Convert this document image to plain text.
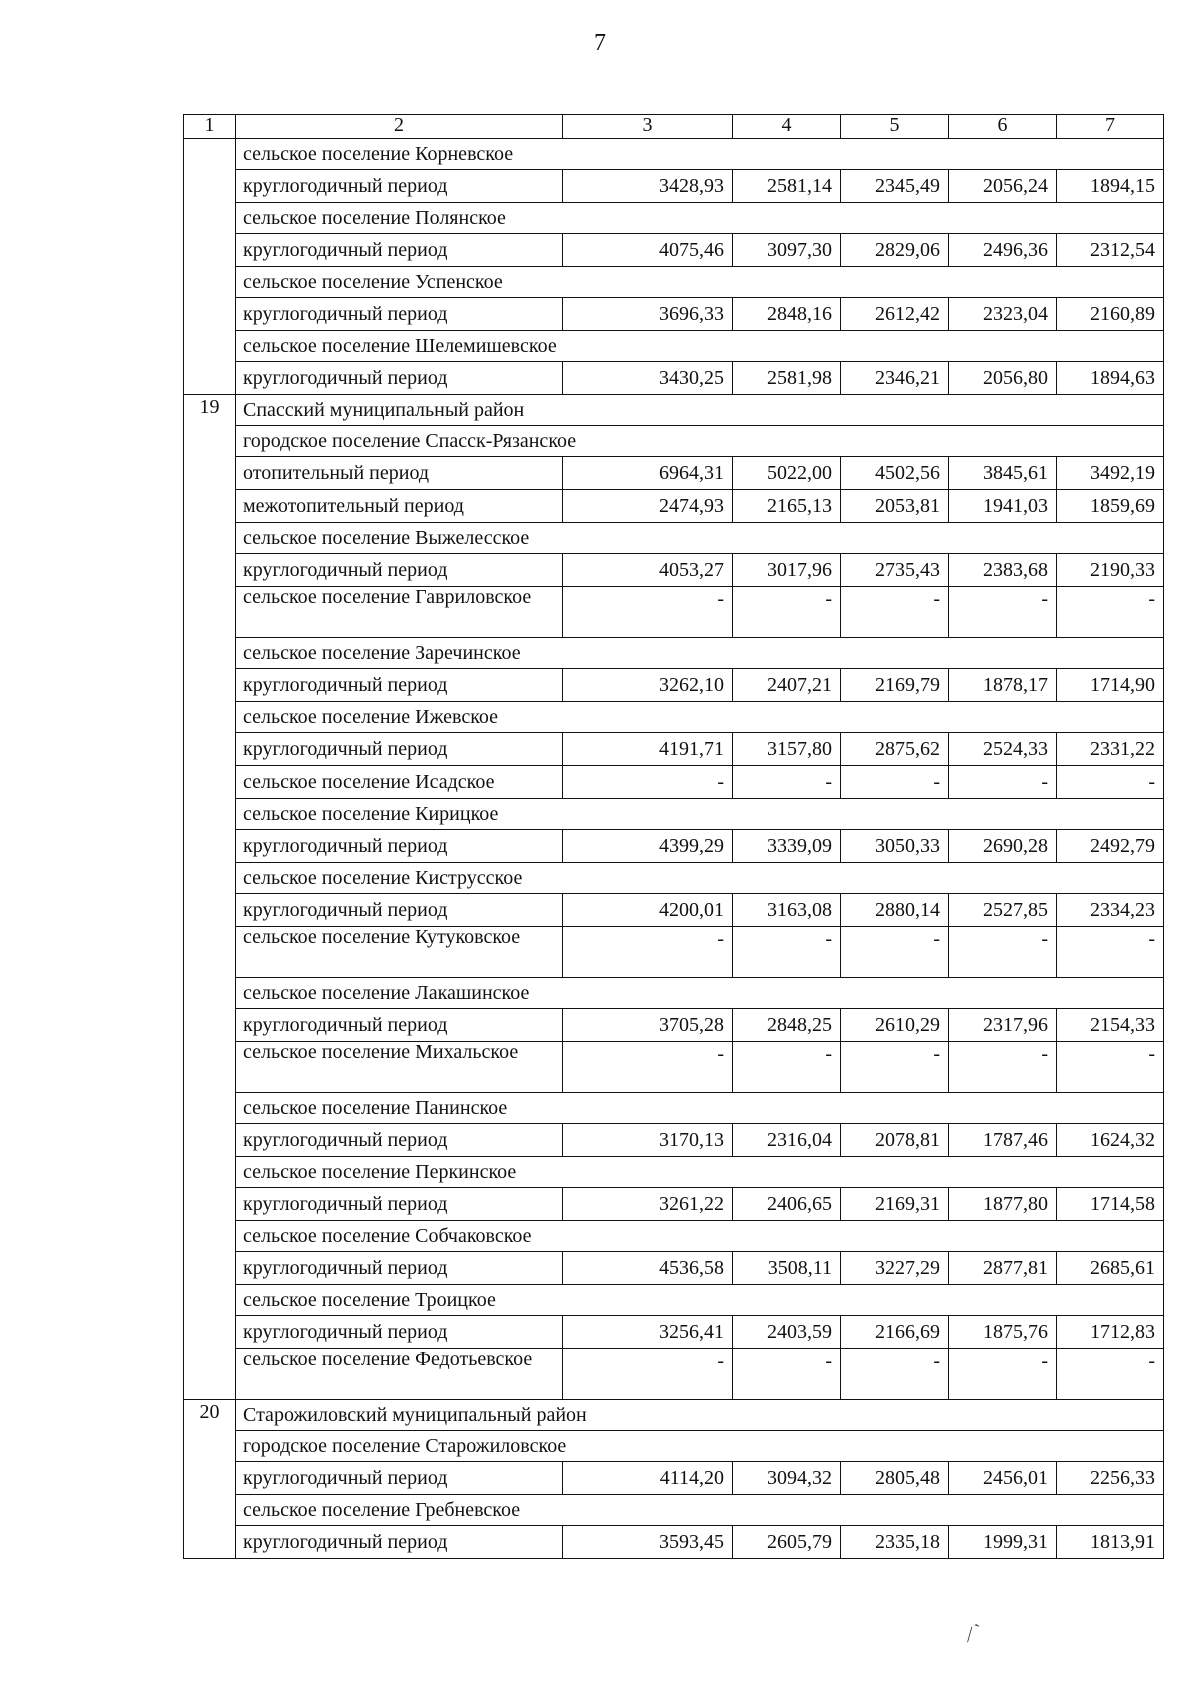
7
1	2	3	4	5	6	7
	сельское поселение Корневское					
	круглогодичный период	3428,93	2581,14	2345,49	2056,24	1894,15
	сельское поселение Полянское					
	круглогодичный период	4075,46	3097,30	2829,06	2496,36	2312,54
	сельское поселение Успенское					
	круглогодичный период	3696,33	2848,16	2612,42	2323,04	2160,89
	сельское поселение Шелемишевское					
	круглогодичный период	3430,25	2581,98	2346,21	2056,80	1894,63
19	Спасский муниципальный район					
	городское поселение Спасск-Рязанское					
	отопительный период	6964,31	5022,00	4502,56	3845,61	3492,19
	межотопительный период	2474,93	2165,13	2053,81	1941,03	1859,69
	сельское поселение Выжелесское					
	круглогодичный период	4053,27	3017,96	2735,43	2383,68	2190,33
	сельское поселение Гавриловское	-	-	-	-	-
	сельское поселение Заречинское					
	круглогодичный период	3262,10	2407,21	2169,79	1878,17	1714,90
	сельское поселение Ижевское					
	круглогодичный период	4191,71	3157,80	2875,62	2524,33	2331,22
	сельское поселение Исадское	-	-	-	-	-
	сельское поселение Кирицкое					
	круглогодичный период	4399,29	3339,09	3050,33	2690,28	2492,79
	сельское поселение Киструсское					
	круглогодичный период	4200,01	3163,08	2880,14	2527,85	2334,23
	сельское поселение Кутуковское	-	-	-	-	-
	сельское поселение Лакашинское					
	круглогодичный период	3705,28	2848,25	2610,29	2317,96	2154,33
	сельское поселение Михальское	-	-	-	-	-
	сельское поселение Панинское					
	круглогодичный период	3170,13	2316,04	2078,81	1787,46	1624,32
	сельское поселение Перкинское					
	круглогодичный период	3261,22	2406,65	2169,31	1877,80	1714,58
	сельское поселение Собчаковское					
	круглогодичный период	4536,58	3508,11	3227,29	2877,81	2685,61
	сельское поселение Троицкое					
	круглогодичный период	3256,41	2403,59	2166,69	1875,76	1712,83
	сельское поселение Федотьевское	-	-	-	-	-
20	Старожиловский муниципальный район					
	городское поселение Старожиловское					
	круглогодичный период	4114,20	3094,32	2805,48	2456,01	2256,33
	сельское поселение Гребневское					
	круглогодичный период	3593,45	2605,79	2335,18	1999,31	1813,91
⁄ ˋ
